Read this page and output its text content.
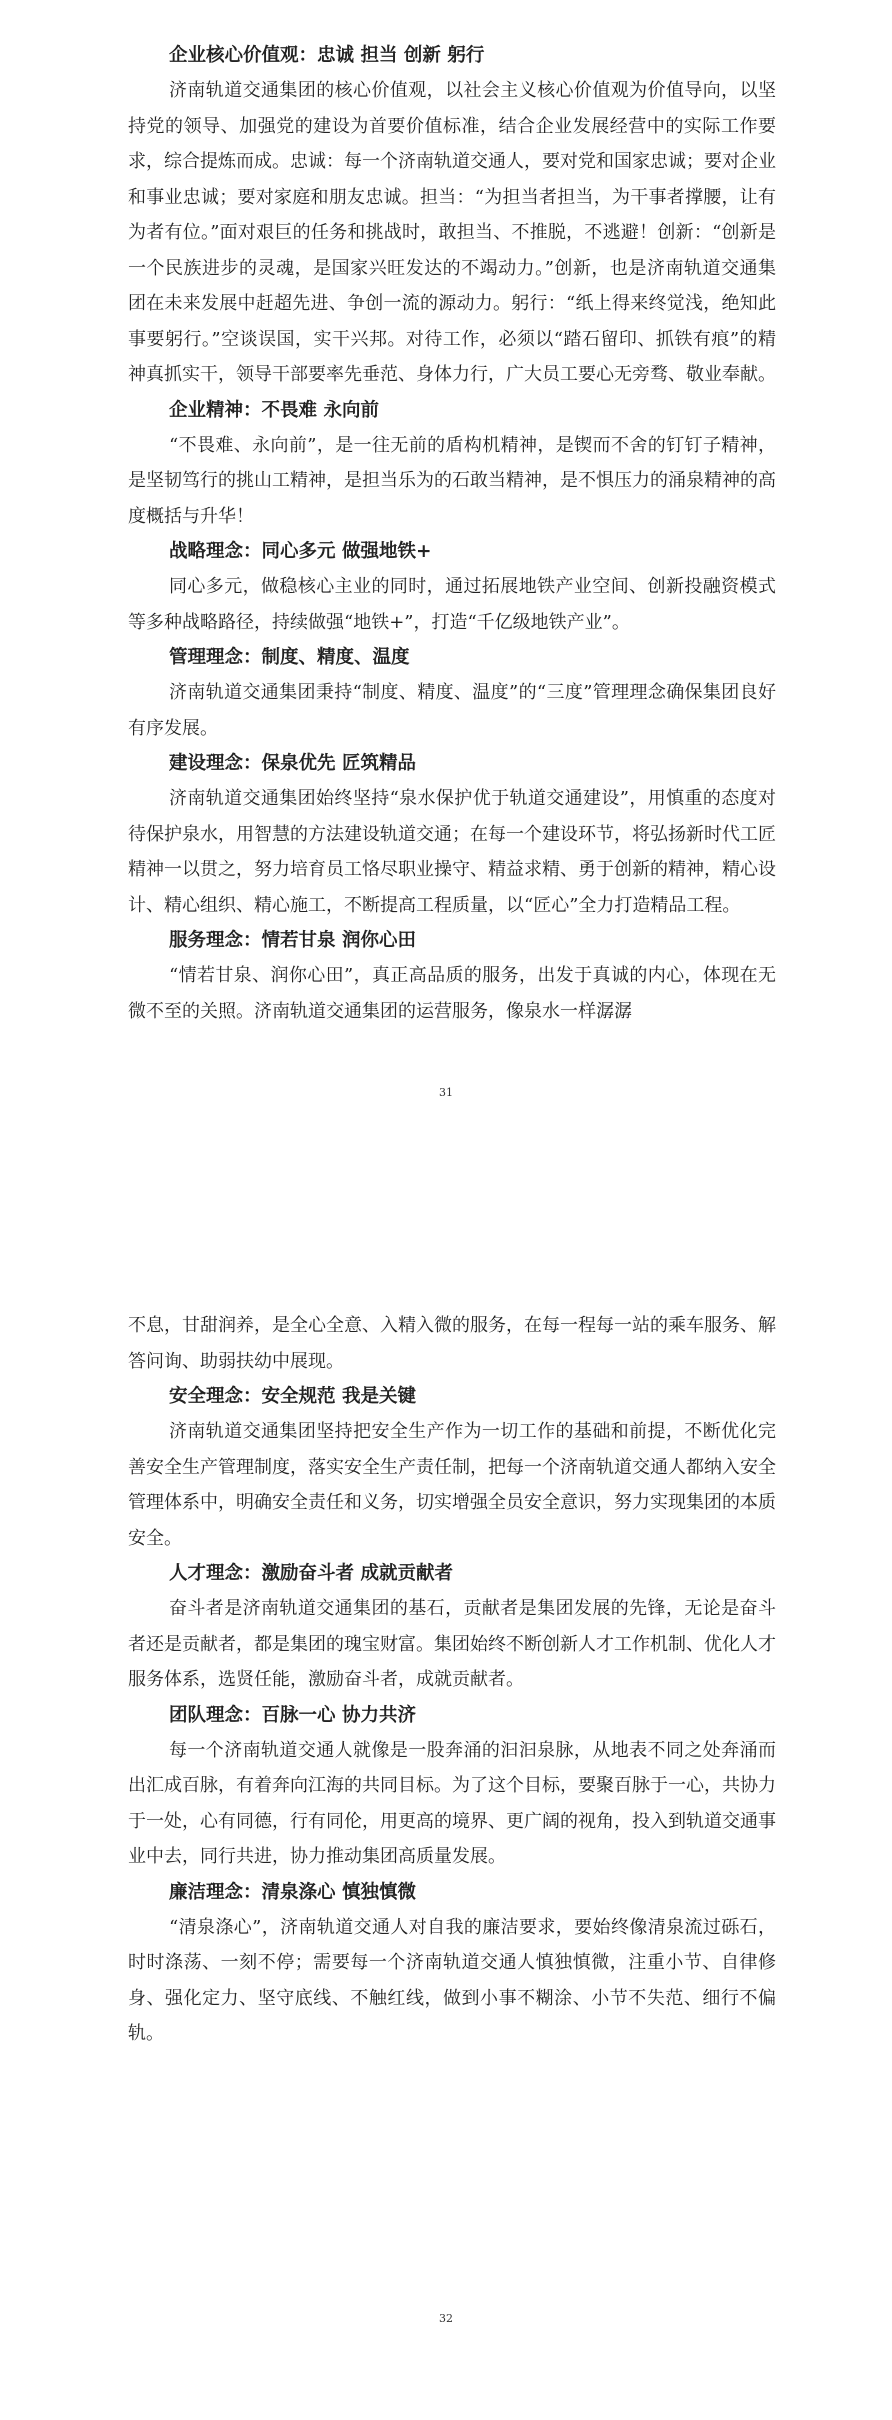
企业核心价值观：忠诚 担当 创新 躬行

济南轨道交通集团的核心价值观，以社会主义核心价值观为价值导向，以坚持党的领导、加强党的建设为首要价值标准，结合企业发展经营中的实际工作要求，综合提炼而成。忠诚：每一个济南轨道交通人，要对党和国家忠诚；要对企业和事业忠诚；要对家庭和朋友忠诚。担当：“为担当者担当，为干事者撑腰，让有为者有位。”面对艰巨的任务和挑战时，敢担当、不推脱，不逃避！创新：“创新是一个民族进步的灵魂，是国家兴旺发达的不竭动力。”创新，也是济南轨道交通集团在未来发展中赶超先进、争创一流的源动力。躬行：“纸上得来终觉浅，绝知此事要躬行。”空谈误国，实干兴邦。对待工作，必须以“踏石留印、抓铁有痕”的精神真抓实干，领导干部要率先垂范、身体力行，广大员工要心无旁骛、敬业奉献。

企业精神：不畏难 永向前

“不畏难、永向前”，是一往无前的盾构机精神，是锲而不舍的钉钉子精神，是坚韧笃行的挑山工精神，是担当乐为的石敢当精神，是不惧压力的涌泉精神的高度概括与升华！

战略理念：同心多元 做强地铁+

同心多元，做稳核心主业的同时，通过拓展地铁产业空间、创新投融资模式等多种战略路径，持续做强“地铁+”，打造“千亿级地铁产业”。

管理理念：制度、精度、温度

济南轨道交通集团秉持“制度、精度、温度”的“三度”管理理念确保集团良好有序发展。

建设理念：保泉优先 匠筑精品

济南轨道交通集团始终坚持“泉水保护优于轨道交通建设”，用慎重的态度对待保护泉水，用智慧的方法建设轨道交通；在每一个建设环节，将弘扬新时代工匠精神一以贯之，努力培育员工恪尽职业操守、精益求精、勇于创新的精神，精心设计、精心组织、精心施工，不断提高工程质量，以“匠心”全力打造精品工程。

服务理念：情若甘泉 润你心田

“情若甘泉、润你心田”，真正高品质的服务，出发于真诚的内心，体现在无微不至的关照。济南轨道交通集团的运营服务，像泉水一样潺潺

31

不息，甘甜润养，是全心全意、入精入微的服务，在每一程每一站的乘车服务、解答问询、助弱扶幼中展现。

安全理念：安全规范 我是关键

济南轨道交通集团坚持把安全生产作为一切工作的基础和前提，不断优化完善安全生产管理制度，落实安全生产责任制，把每一个济南轨道交通人都纳入安全管理体系中，明确安全责任和义务，切实增强全员安全意识，努力实现集团的本质安全。

人才理念：激励奋斗者 成就贡献者

奋斗者是济南轨道交通集团的基石，贡献者是集团发展的先锋，无论是奋斗者还是贡献者，都是集团的瑰宝财富。集团始终不断创新人才工作机制、优化人才服务体系，选贤任能，激励奋斗者，成就贡献者。

团队理念：百脉一心 协力共济

每一个济南轨道交通人就像是一股奔涌的汩汩泉脉，从地表不同之处奔涌而出汇成百脉，有着奔向江海的共同目标。为了这个目标，要聚百脉于一心，共协力于一处，心有同德，行有同伦，用更高的境界、更广阔的视角，投入到轨道交通事业中去，同行共进，协力推动集团高质量发展。

廉洁理念：清泉涤心 慎独慎微

“清泉涤心”，济南轨道交通人对自我的廉洁要求，要始终像清泉流过砾石，时时涤荡、一刻不停；需要每一个济南轨道交通人慎独慎微，注重小节、自律修身、强化定力、坚守底线、不触红线，做到小事不糊涂、小节不失范、细行不偏轨。

32
